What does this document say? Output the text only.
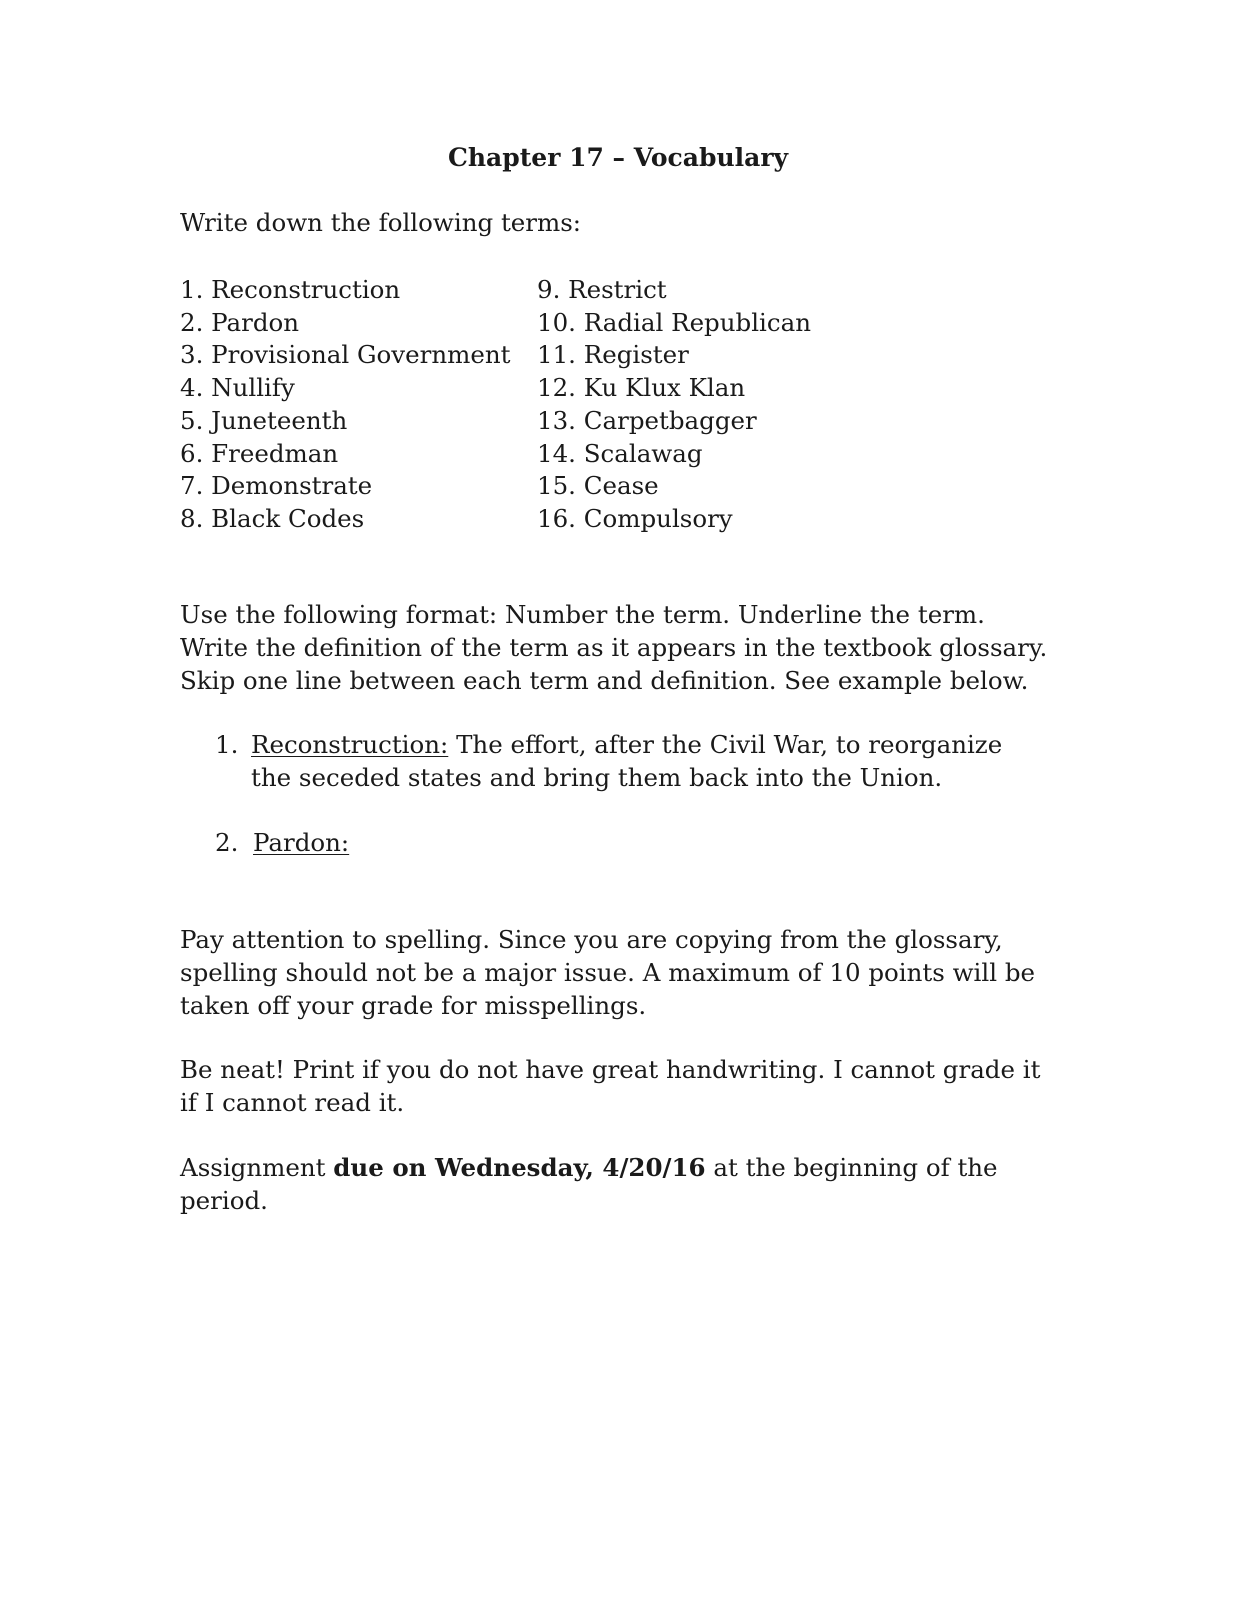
Chapter 17 – Vocabulary
Write down the following terms:
1. Reconstruction
2. Pardon
3. Provisional Government
4. Nullify
5. Juneteenth
6. Freedman
7. Demonstrate
8. Black Codes
9. Restrict
10. Radial Republican
11. Register
12. Ku Klux Klan
13. Carpetbagger
14. Scalawag
15. Cease
16. Compulsory
Use the following format: Number the term. Underline the term. Write the definition of the term as it appears in the textbook glossary. Skip one line between each term and definition. See example below.
1. Reconstruction: The effort, after the Civil War, to reorganize the seceded states and bring them back into the Union.
2. Pardon:
Pay attention to spelling. Since you are copying from the glossary, spelling should not be a major issue. A maximum of 10 points will be taken off your grade for misspellings.
Be neat! Print if you do not have great handwriting. I cannot grade it if I cannot read it.
Assignment due on Wednesday, 4/20/16 at the beginning of the period.
